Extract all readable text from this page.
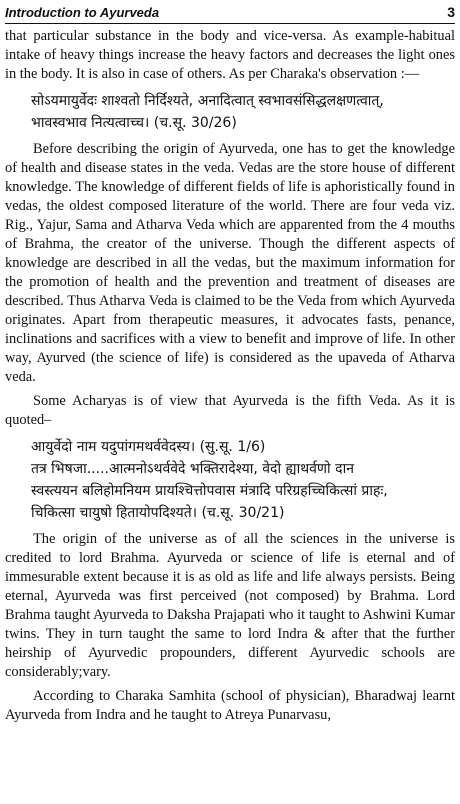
Introduction to Ayurveda	3

that particular substance in the body and vice-versa. As example-habitual intake of heavy things increase the heavy factors and decreases the light ones in the body. It is also in case of others. As per Charaka's observation :—

सोऽयमायुर्वेदः शाश्वतो निर्दिश्यते, अनादित्वात् स्वभावसंसिद्धलक्षणत्वात्,
भावस्वभाव नित्यत्वाच्च। (च.सू. 30/26)

Before describing the origin of Ayurveda, one has to get the knowledge of health and disease states in the veda. Vedas are the store house of different knowledge. The knowledge of different fields of life is aphoristically found in vedas, the oldest composed literature of the world. There are four veda viz. Rig., Yajur, Sama and Atharva Veda which are apparented from the 4 mouths of Brahma, the creator of the universe. Though the different aspects of knowledge are described in all the vedas, but the maximum information for the promotion of health and the prevention and treatment of diseases are described. Thus Atharva Veda is claimed to be the Veda from which Ayurveda originates. Apart from therapeutic measures, it advocates fasts, penance, inclinations and sacrifices with a view to benefit and improve of life. In other way, Ayurved (the science of life) is considered as the upaveda of Atharva veda.

Some Acharyas is of view that Ayurveda is the fifth Veda. As it is quoted–

आयुर्वेदो नाम यदुपांगमथर्ववेदस्य। (सु.सू. 1/6)
तत्र भिषजा.....आत्मनोऽथर्ववेदे भक्तिरादेश्या, वेदो ह्याथर्वणो दान
स्वस्त्ययन बलिहोमनियम प्रायश्चित्तोपवास मंत्रादि परिग्रहच्चिकित्सां प्राहः,
चिकित्सा चायुषो हितायोपदिश्यते। (च.सू. 30/21)

The origin of the universe as of all the sciences in the universe is credited to lord Brahma. Ayurveda or science of life is eternal and of immesurable extent because it is as old as life and life always persists. Being eternal, Ayurveda was first perceived (not composed) by Brahma. Lord Brahma taught Ayurveda to Daksha Prajapati who it taught to Ashwini Kumar twins. They in turn taught the same to lord Indra & after that the further heirship of Ayurvedic propounders, different Ayurvedic schools are considerably;vary.

According to Charaka Samhita (school of physician), Bharadwaj learnt Ayurveda from Indra and he taught to Atreya Punarvasu,
